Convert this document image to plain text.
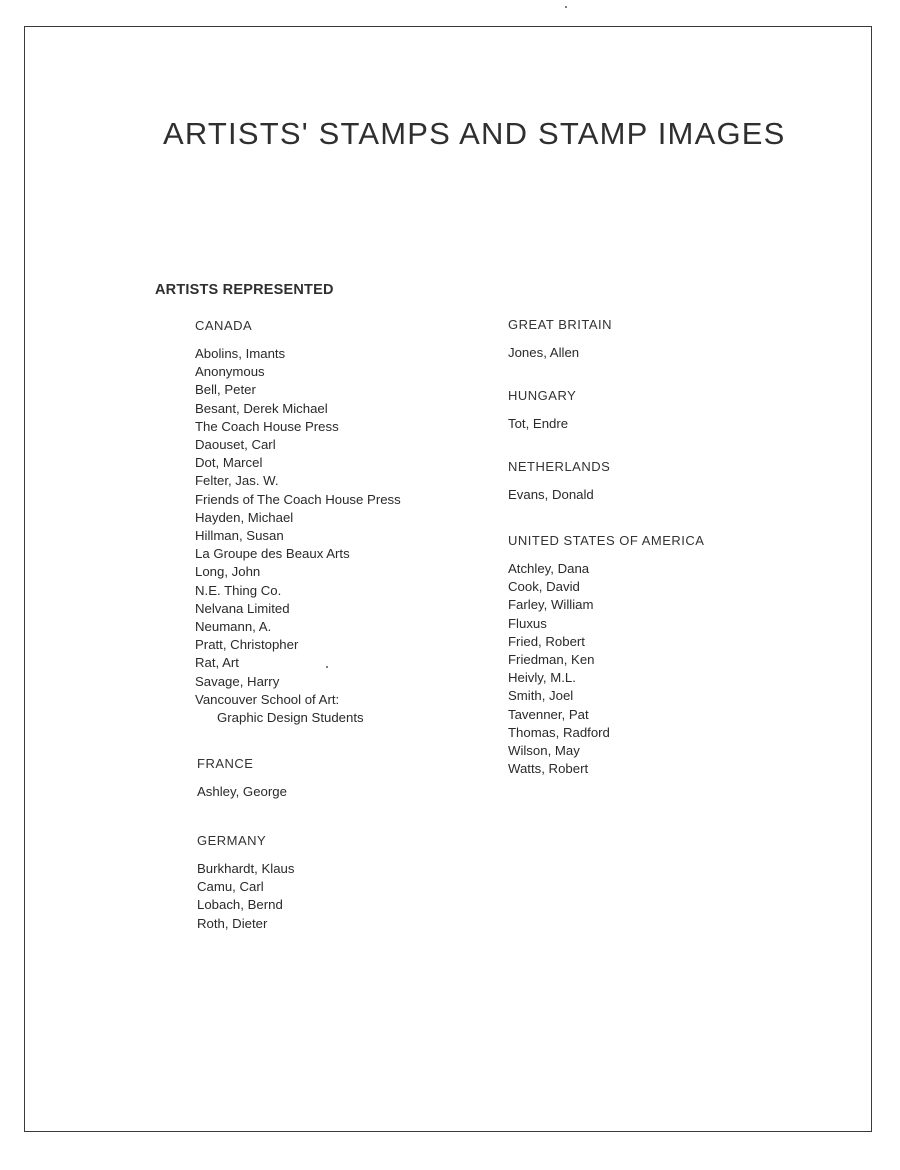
ARTISTS' STAMPS AND STAMP IMAGES
ARTISTS REPRESENTED

CANADA

Abolins, Imants
Anonymous
Bell, Peter
Besant, Derek Michael
The Coach House Press
Daouset, Carl
Dot, Marcel
Felter, Jas. W.
Friends of The Coach House Press
Hayden, Michael
Hillman, Susan
La Groupe des Beaux Arts
Long, John
N.E. Thing Co.
Nelvana Limited
Neumann, A.
Pratt, Christopher
Rat, Art
Savage, Harry
Vancouver School of Art:
Graphic Design Students

FRANCE

Ashley, George

GERMANY

Burkhardt, Klaus
Camu, Carl
Lobach, Bernd
Roth, Dieter

GREAT BRITAIN

Jones, Allen

HUNGARY

Tot, Endre

NETHERLANDS

Evans, Donald

UNITED STATES OF AMERICA

Atchley, Dana
Cook, David
Farley, William
Fluxus
Fried, Robert
Friedman, Ken
Heivly, M.L.
Smith, Joel
Tavenner, Pat
Thomas, Radford
Wilson, May
Watts, Robert
